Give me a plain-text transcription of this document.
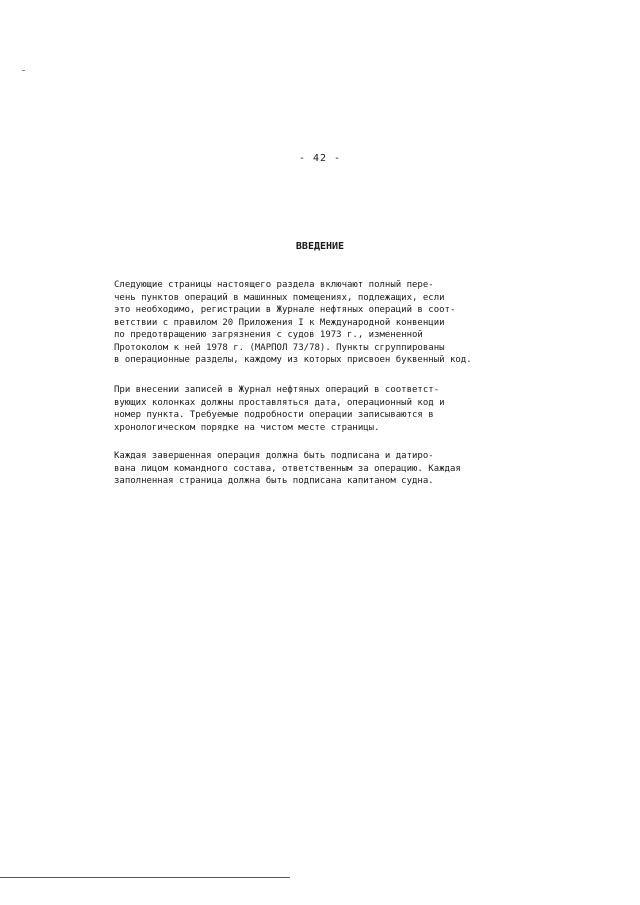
- 42 -
ВВЕДЕНИЕ
Следующие страницы настоящего раздела включают полный пере-
чень пунктов операций в машинных помещениях, подлежащих, если
это необходимо, регистрации в Журнале нефтяных операций в соот-
ветствии с правилом 20 Приложения I к Международной конвенции
по предотвращению загрязнения с судов 1973 г., измененной
Протоколом к ней 1978 г. (МАРПОЛ 73/78). Пункты сгруппированы
в операционные разделы, каждому из которых присвоен буквенный код.
При внесении записей в Журнал нефтяных операций в соответст-
вующих колонках должны проставляться дата, операционный код и
номер пункта. Требуемые подробности операции записываются в
хронологическом порядке на чистом месте страницы.
Каждая завершенная операция должна быть подписана и датиро-
вана лицом командного состава, ответственным за операцию. Каждая
заполненная страница должна быть подписана капитаном судна.
